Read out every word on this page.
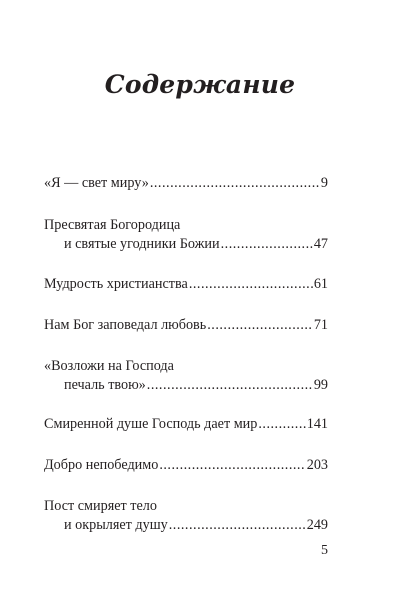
Содержание
«Я — свет миру» .....	9
Пресвятая Богородица
и святые угодники Божии .....	47
Мудрость христианства .....	61
Нам Бог заповедал любовь .....	71
«Возложи на Господа
печаль твою» .....	99
Смиренной душе Господь дает мир .....	141
Добро непобедимо .....	203
Пост смиряет тело
и окрыляет душу .....	249
5
